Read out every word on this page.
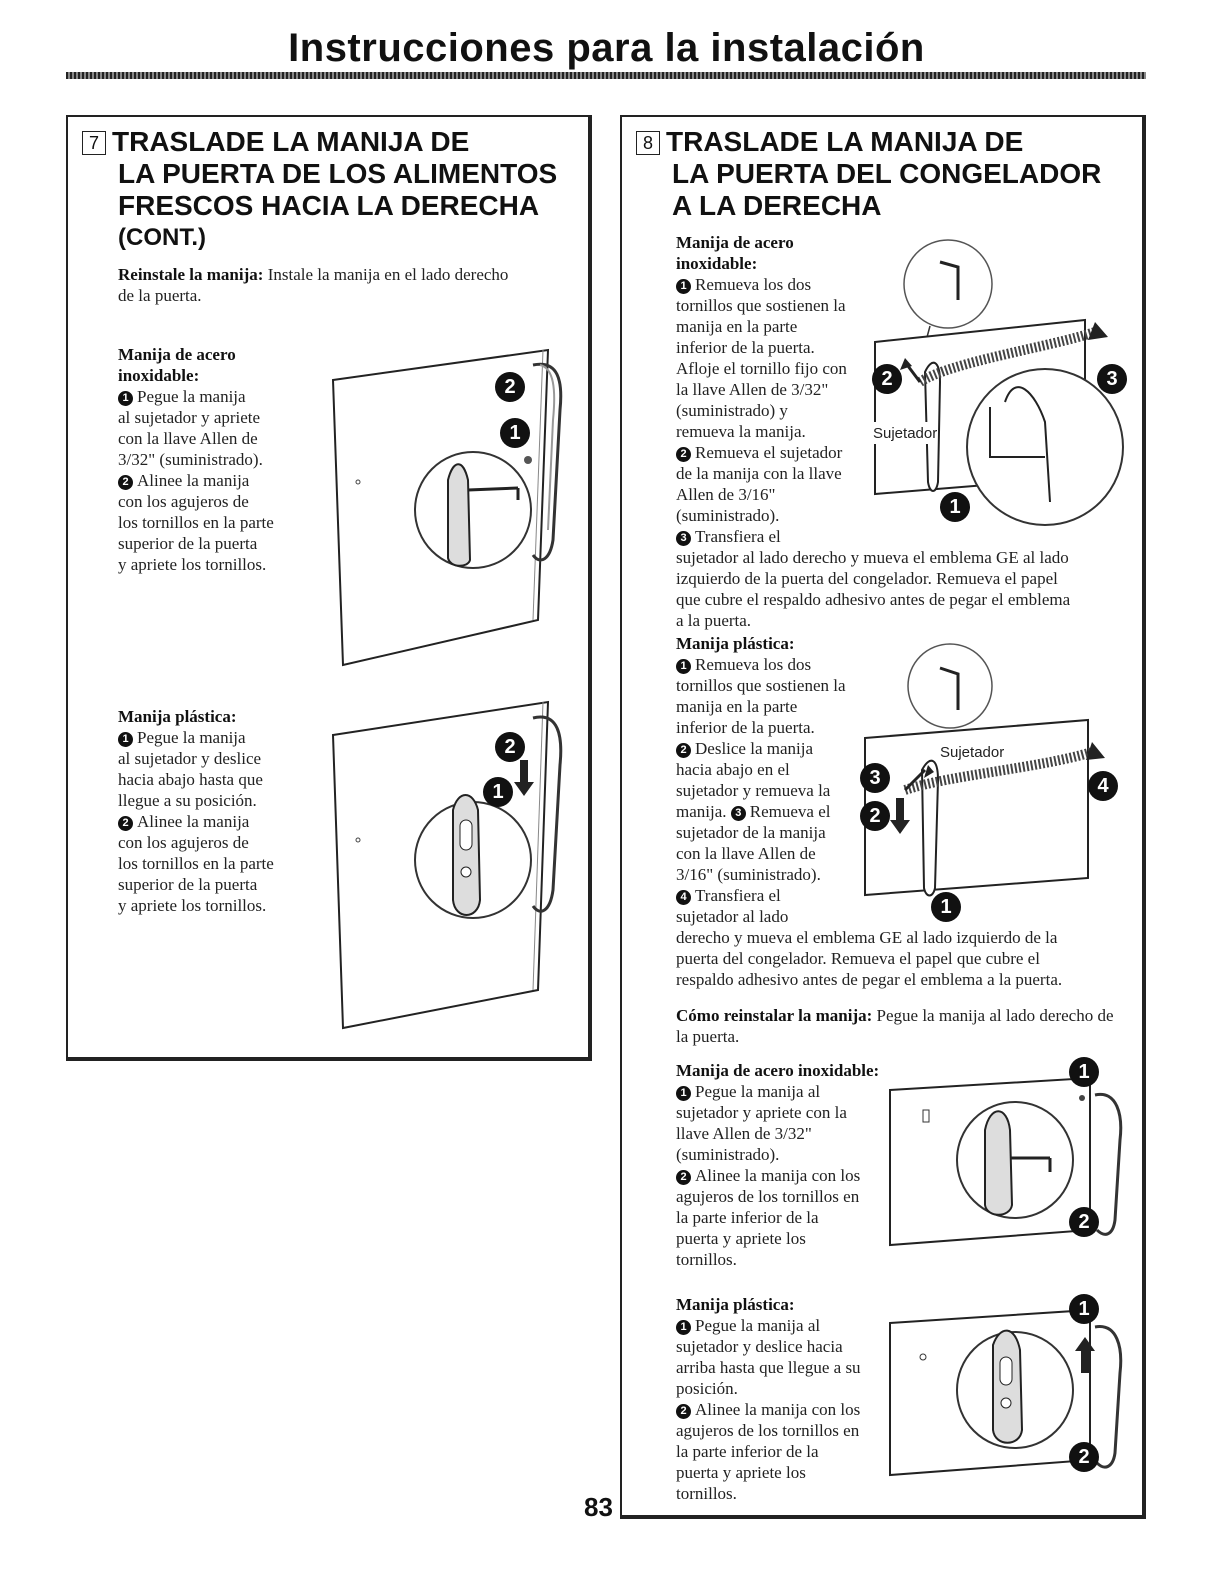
Instrucciones para la instalación
7 TRASLADE LA MANIJA DE
LA PUERTA DE LOS ALIMENTOS
FRESCOS HACIA LA DERECHA
(CONT.)
Reinstale la manija: Instale la manija en el lado derecho de la puerta.
Manija de acero
inoxidable:
1 Pegue la manija
al sujetador y apriete
con la llave Allen de
3/32" (suministrado).
2 Alinee la manija
con los agujeros de
los tornillos en la parte
superior de la puerta
y apriete los tornillos.
2
1
Manija plástica:
1 Pegue la manija
al sujetador y deslice
hacia abajo hasta que
llegue a su posición.
2 Alinee la manija
con los agujeros de
los tornillos en la parte
superior de la puerta
y apriete los tornillos.
2
1
8 TRASLADE LA MANIJA DE
LA PUERTA DEL CONGELADOR
A LA DERECHA
Manija de acero
inoxidable:
1 Remueva los dos
tornillos que sostienen la
manija en la parte
inferior de la puerta.
Afloje el tornillo fijo con
la llave Allen de 3/32"
(suministrado) y
remueva la manija.
2 Remueva el sujetador
de la manija con la llave
Allen de 3/16"
(suministrado).
3 Transfiera el
sujetador al lado derecho y mueva el emblema GE al lado
izquierdo de la puerta del congelador. Remueva el papel
que cubre el respaldo adhesivo antes de pegar el emblema
a la puerta.
Sujetador
2	3
1
Manija plástica:
1 Remueva los dos
tornillos que sostienen la
manija en la parte
inferior de la puerta.
2 Deslice la manija
hacia abajo en el
sujetador y remueva la
manija. 3 Remueva el
sujetador de la manija
con la llave Allen de
3/16" (suministrado).
4 Transfiera el
sujetador al lado
derecho y mueva el emblema GE al lado izquierdo de la
puerta del congelador. Remueva el papel que cubre el
respaldo adhesivo antes de pegar el emblema a la puerta.
Sujetador
3
2
4
1
Cómo reinstalar la manija: Pegue la manija al lado derecho de la puerta.
Manija de acero inoxidable:
1 Pegue la manija al
sujetador y apriete con la
llave Allen de 3/32"
(suministrado).
2 Alinee la manija con los
agujeros de los tornillos en
la parte inferior de la
puerta y apriete los
tornillos.
1
2
Manija plástica:
1 Pegue la manija al
sujetador y deslice hacia
arriba hasta que llegue a su
posición.
2 Alinee la manija con los
agujeros de los tornillos en
la parte inferior de la
puerta y apriete los
tornillos.
1
2
83
